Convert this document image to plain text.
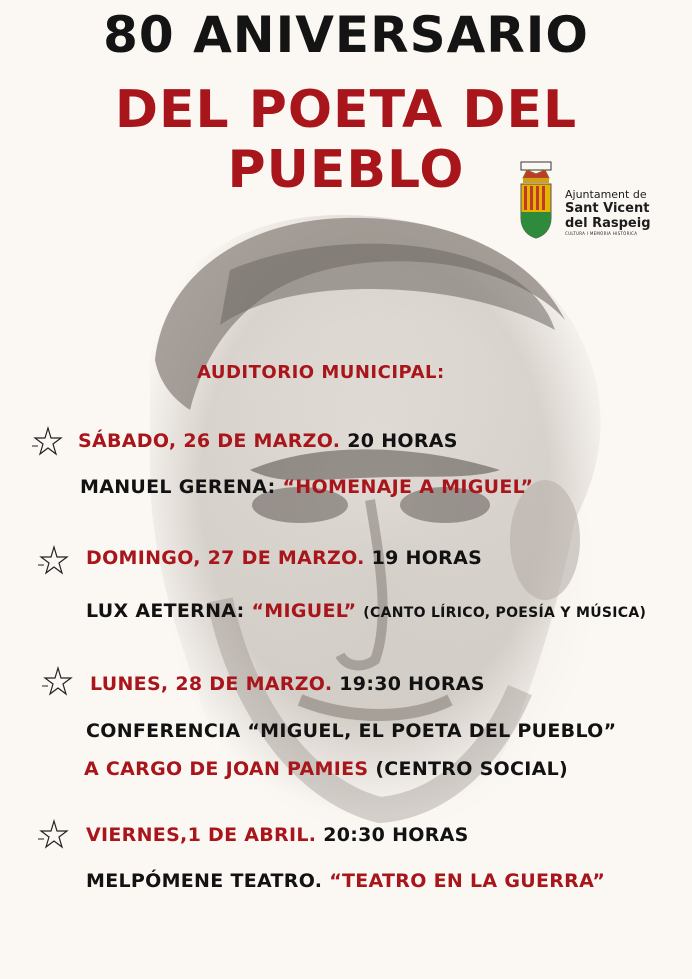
80 ANIVERSARIO
DEL POETA DEL PUEBLO	Ajuntament de
Sant Vicent
del Raspeig
CULTURA I MEMÒRIA HISTÒRICA
AUDITORIO MUNICIPAL:
SÁBADO, 26 DE MARZO. 20 HORAS
MANUEL GERENA: “HOMENAJE A MIGUEL”
DOMINGO, 27 DE MARZO. 19 HORAS
LUX AETERNA: “MIGUEL” (CANTO LÍRICO, POESÍA Y MÚSICA)
LUNES, 28 DE MARZO. 19:30 HORAS
CONFERENCIA “MIGUEL, EL POETA DEL PUEBLO”
A CARGO DE JOAN PAMIES (CENTRO SOCIAL)
VIERNES,1 DE ABRIL. 20:30 HORAS
MELPÓMENE TEATRO. “TEATRO EN LA GUERRA”
